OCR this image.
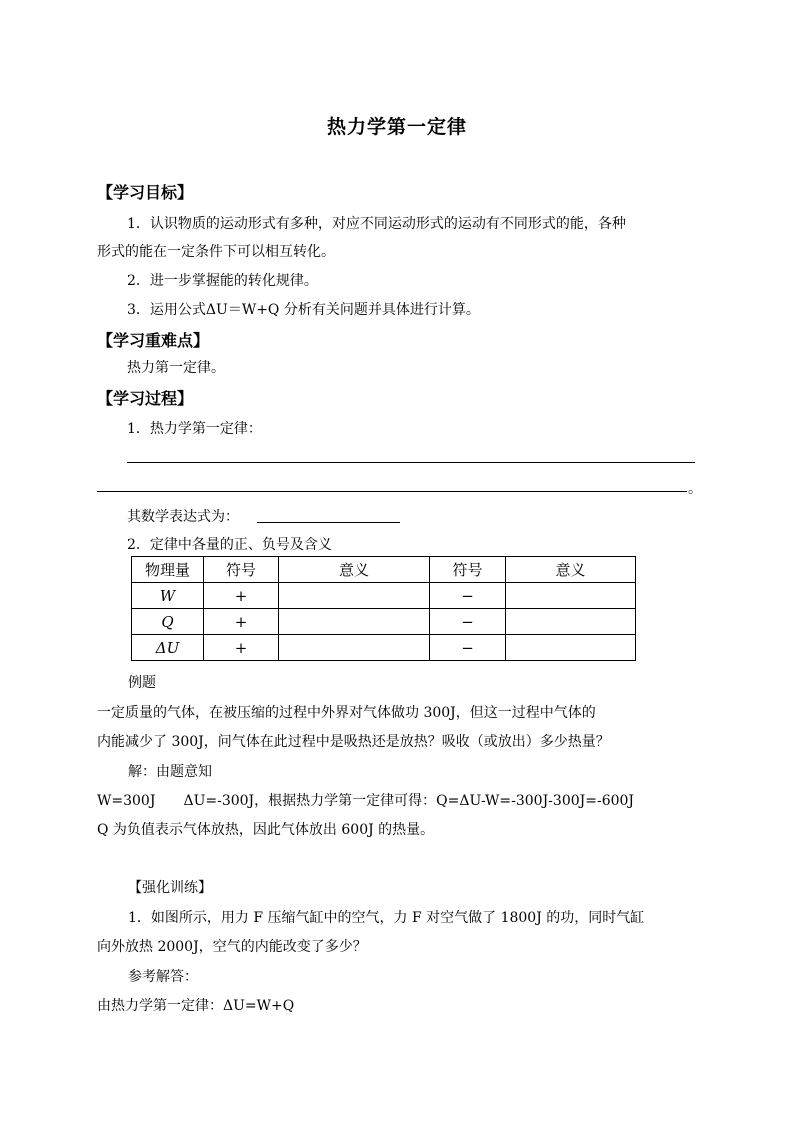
热力学第一定律
【学习目标】
1．认识物质的运动形式有多种，对应不同运动形式的运动有不同形式的能，各种
形式的能在一定条件下可以相互转化。
2．进一步掌握能的转化规律。
3．运用公式ΔU＝W+Q 分析有关问题并具体进行计算。
【学习重难点】
热力第一定律。
【学习过程】
1．热力学第一定律：
。
其数学表达式为：
2．定律中各量的正、负号及含义
物理量	符号	意义	符号	意义
W	+		−	
Q	+		−	
ΔU	+		−	
例题
一定质量的气体，在被压缩的过程中外界对气体做功 300J，但这一过程中气体的
内能减少了 300J，问气体在此过程中是吸热还是放热？吸收（或放出）多少热量？
解：由题意知
W=300J　　ΔU=-300J，根据热力学第一定律可得：Q=ΔU-W=-300J-300J=-600J
Q 为负值表示气体放热，因此气体放出 600J 的热量。
【强化训练】
1．如图所示，用力 F 压缩气缸中的空气，力 F 对空气做了 1800J 的功，同时气缸
向外放热 2000J，空气的内能改变了多少？
参考解答：
由热力学第一定律：ΔU=W+Q
